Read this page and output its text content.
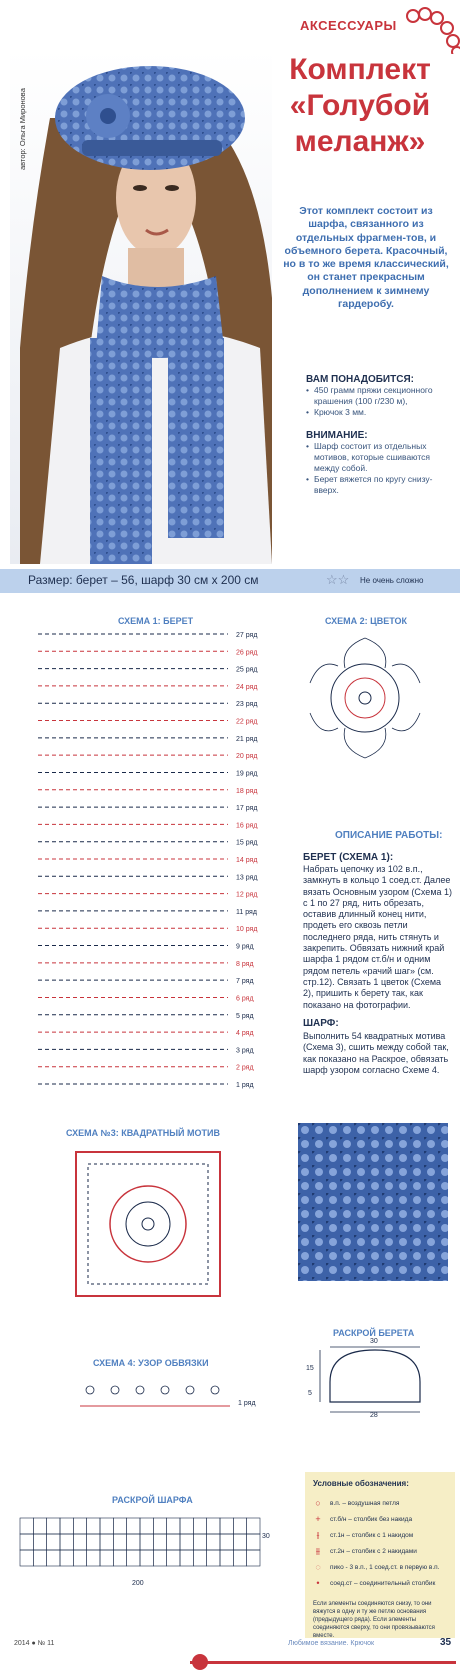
АКСЕССУАРЫ
автор: Ольга Миронова
Комплект
«Голубой
меланж»
Этот комплект состоит из шарфа, связанного из отдельных фрагмен-тов, и объемного берета. Красочный, но в то же время классический, он станет прекрасным дополнением к зимнему гардеробу.
ВАМ ПОНАДОБИТСЯ:
• 450 грамм пряжи секционного крашения (100 г/230 м),
• Крючок 3 мм.
ВНИМАНИЕ:
• Шарф состоит из отдельных мотивов, которые сшиваются между собой.
• Берет вяжется по кругу снизу-вверх.
Размер: берет – 56, шарф 30 см х 200 см	☆☆ Не очень сложно
СХЕМА 1: БЕРЕТ	СХЕМА 2: ЦВЕТОК
27 ряд
26 ряд
25 ряд
24 ряд
23 ряд
22 ряд
21 ряд
20 ряд
19 ряд
18 ряд
17 ряд
16 ряд
15 ряд
14 ряд
13 ряд
12 ряд
11 ряд
10 ряд
9 ряд
8 ряд
7 ряд
6 ряд
5 ряд
4 ряд
3 ряд
2 ряд
1 ряд
ОПИСАНИЕ РАБОТЫ:
БЕРЕТ (СХЕМА 1):
Набрать цепочку из 102 в.п., замкнуть в кольцо 1 соед.ст. Далее вязать Основным узором (Схема 1) с 1 по 27 ряд, нить обрезать, оставив длинный конец нити, продеть его сквозь петли последнего ряда, нить стянуть и закрепить. Обвязать нижний край шарфа 1 рядом ст.б/н и одним рядом петель «рачий шаг» (см. стр.12). Связать 1 цветок (Схема 2), пришить к берету так, как показано на фотографии.
ШАРФ:
Выполнить 54 квадратных мотива (Схема 3), сшить между собой так, как показано на Раскрое, обвязать шарф узором согласно Схеме 4.
СХЕМА №3: КВАДРАТНЫЙ МОТИВ
РАСКРОЙ БЕРЕТА
30
15
5
28
СХЕМА 4: УЗОР ОБВЯЗКИ
1 ряд
РАСКРОЙ ШАРФА
200
30
Условные обозначения:
○	в.п. – воздушная петля
+	ст.б/н – столбик без накида
⫲	ст.1н – столбик с 1 накидом
⫵	ст.2н – столбик с 2 накидами
◌	пико - 3 в.п., 1 соед.ст. в первую в.п.
•	соед.ст – соединительный столбик
Если элементы соединяются снизу, то они вяжутся в одну и ту же петлю основания (предыдущего ряда). Если элементы соединяются сверху, то они провязываются вместе.
2014 ● № 11	Любимое вязание. Крючок	35
